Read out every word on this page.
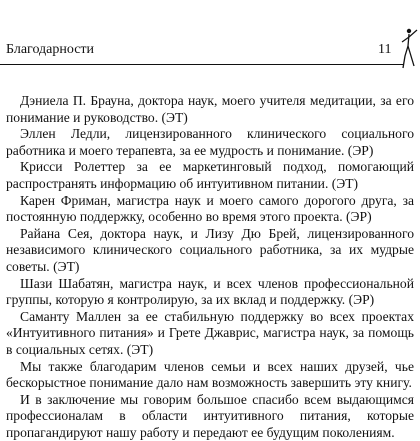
Благодарности	11

Дэниела П. Брауна, доктора наук, моего учителя медитации, за его понимание и руководство. (ЭТ)

Эллен Ледли, лицензированного клинического социального работника и моего терапевта, за ее мудрость и понимание. (ЭР)

Крисси Ролеттер за ее маркетинговый подход, помогающий распространять информацию об интуитивном питании. (ЭТ)

Карен Фриман, магистра наук и моего самого дорогого друга, за постоянную поддержку, особенно во время этого проекта. (ЭР)

Райана Сея, доктора наук, и Лизу Дю Брей, лицензированного независимого клинического социального работника, за их мудрые советы. (ЭТ)

Шази Шабатян, магистра наук, и всех членов профессиональной группы, которую я контролирую, за их вклад и поддержку. (ЭР)

Саманту Маллен за ее стабильную поддержку во всех проектах «Интуитивного питания» и Грете Джаврис, магистра наук, за помощь в социальных сетях. (ЭТ)

Мы также благодарим членов семьи и всех наших друзей, чье бескорыстное понимание дало нам возможность завершить эту книгу.

И в заключение мы говорим большое спасибо всем выдающимся профессионалам в области интуитивного питания, которые пропагандируют нашу работу и передают ее будущим поколениям.
